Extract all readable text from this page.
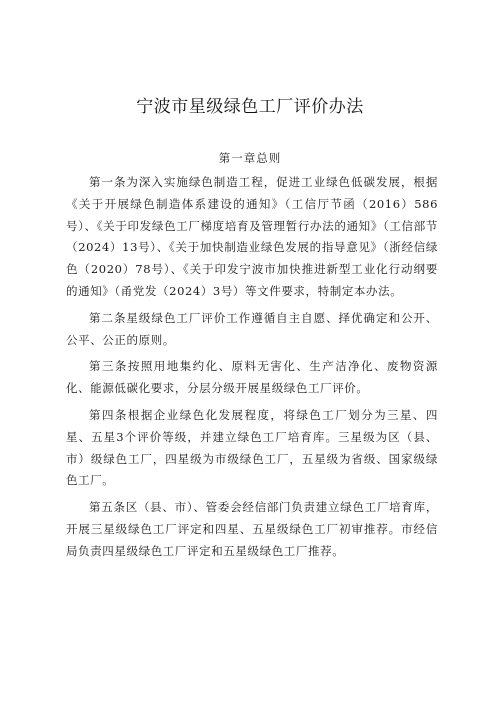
宁波市星级绿色工厂评价办法
第一章总则

第一条为深入实施绿色制造工程，促进工业绿色低碳发展，根据《关于开展绿色制造体系建设的通知》（工信厅节函（2016）586号）、《关于印发绿色工厂梯度培育及管理暂行办法的通知》（工信部节（2024）13号）、《关于加快制造业绿色发展的指导意见》（浙经信绿色（2020）78号）、《关于印发宁波市加快推进新型工业化行动纲要的通知》（甬党发（2024）3号）等文件要求，特制定本办法。

第二条星级绿色工厂评价工作遵循自主自愿、择优确定和公开、公平、公正的原则。

第三条按照用地集约化、原料无害化、生产洁净化、废物资源化、能源低碳化要求，分层分级开展星级绿色工厂评价。

第四条根据企业绿色化发展程度，将绿色工厂划分为三星、四星、五星3个评价等级，并建立绿色工厂培育库。三星级为区（县、市）级绿色工厂，四星级为市级绿色工厂，五星级为省级、国家级绿色工厂。

第五条区（县、市）、管委会经信部门负责建立绿色工厂培育库，开展三星级绿色工厂评定和四星、五星级绿色工厂初审推荐。市经信局负责四星级绿色工厂评定和五星级绿色工厂推荐。
